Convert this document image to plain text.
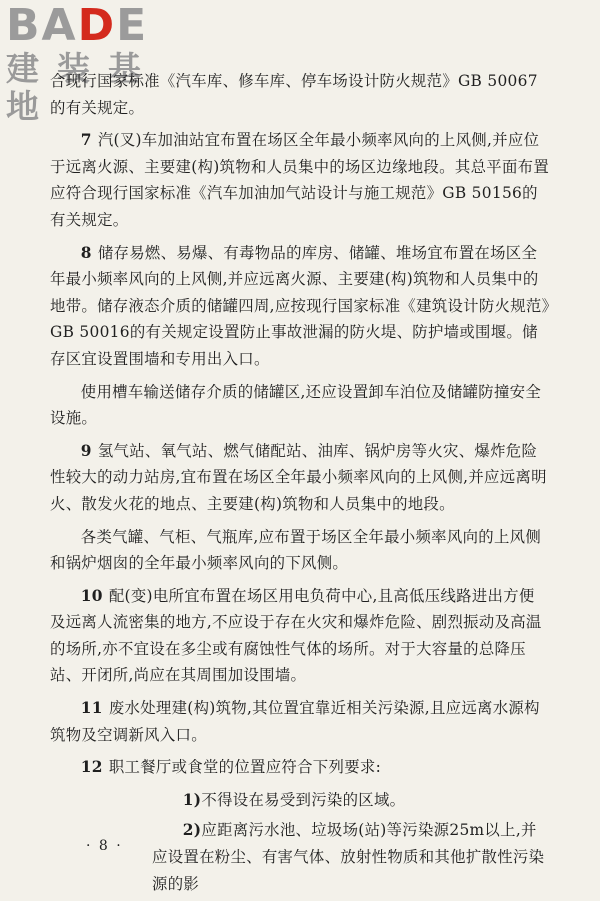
BADE
建装基地

合现行国家标准《汽车库、修车库、停车场设计防火规范》GB 50067的有关规定。

7 汽(叉)车加油站宜布置在场区全年最小频率风向的上风侧,并应位于远离火源、主要建(构)筑物和人员集中的场区边缘地段。其总平面布置应符合现行国家标准《汽车加油加气站设计与施工规范》GB 50156的有关规定。

8 储存易燃、易爆、有毒物品的库房、储罐、堆场宜布置在场区全年最小频率风向的上风侧,并应远离火源、主要建(构)筑物和人员集中的地带。储存液态介质的储罐四周,应按现行国家标准《建筑设计防火规范》GB 50016的有关规定设置防止事故泄漏的防火堤、防护墙或围堰。储存区宜设置围墙和专用出入口。

使用槽车输送储存介质的储罐区,还应设置卸车泊位及储罐防撞安全设施。

9 氢气站、氧气站、燃气储配站、油库、锅炉房等火灾、爆炸危险性较大的动力站房,宜布置在场区全年最小频率风向的上风侧,并应远离明火、散发火花的地点、主要建(构)筑物和人员集中的地段。

各类气罐、气柜、气瓶库,应布置于场区全年最小频率风向的上风侧和锅炉烟囱的全年最小频率风向的下风侧。

10 配(变)电所宜布置在场区用电负荷中心,且高低压线路进出方便及远离人流密集的地方,不应设于存在火灾和爆炸危险、剧烈振动及高温的场所,亦不宜设在多尘或有腐蚀性气体的场所。对于大容量的总降压站、开闭所,尚应在其周围加设围墙。

11 废水处理建(构)筑物,其位置宜靠近相关污染源,且应远离水源构筑物及空调新风入口。

12 职工餐厅或食堂的位置应符合下列要求:

1)不得设在易受到污染的区域。

2)应距离污水池、垃圾场(站)等污染源25m以上,并应设置在粉尘、有害气体、放射性物质和其他扩散性污染源的影

· 8 ·
